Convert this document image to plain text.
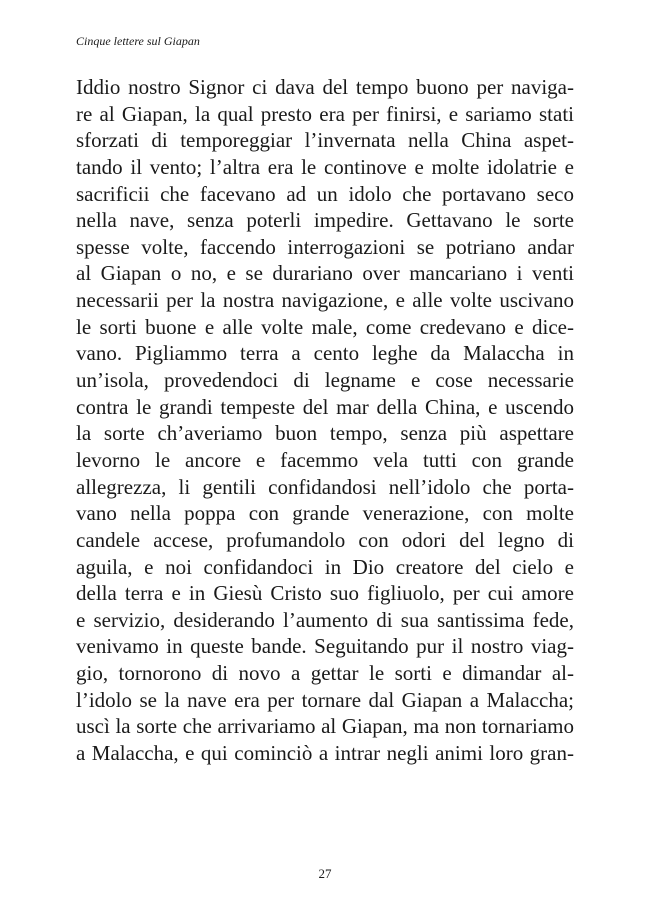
Cinque lettere sul Giapan
Iddio nostro Signor ci dava del tempo buono per naviga-
re al Giapan, la qual presto era per finirsi, e sariamo stati
sforzati di temporeggiar l’invernata nella China aspet-
tando il vento; l’altra era le continove e molte idolatrie e
sacrificii che facevano ad un idolo che portavano seco
nella nave, senza poterli impedire. Gettavano le sorte
spesse volte, faccendo interrogazioni se potriano andar
al Giapan o no, e se durariano over mancariano i venti
necessarii per la nostra navigazione, e alle volte uscivano
le sorti buone e alle volte male, come credevano e dice-
vano. Pigliammo terra a cento leghe da Malaccha in
un’isola, provedendoci di legname e cose necessarie
contra le grandi tempeste del mar della China, e uscendo
la sorte ch’averiamo buon tempo, senza più aspettare
levorno le ancore e facemmo vela tutti con grande
allegrezza, li gentili confidandosi nell’idolo che porta-
vano nella poppa con grande venerazione, con molte
candele accese, profumandolo con odori del legno di
aguila, e noi confidandoci in Dio creatore del cielo e
della terra e in Giesù Cristo suo figliuolo, per cui amore
e servizio, desiderando l’aumento di sua santissima fede,
venivamo in queste bande. Seguitando pur il nostro viag-
gio, tornorono di novo a gettar le sorti e dimandar al-
l’idolo se la nave era per tornare dal Giapan a Malaccha;
uscì la sorte che arrivariamo al Giapan, ma non tornariamo
a Malaccha, e qui cominciò a intrar negli animi loro gran-
27
